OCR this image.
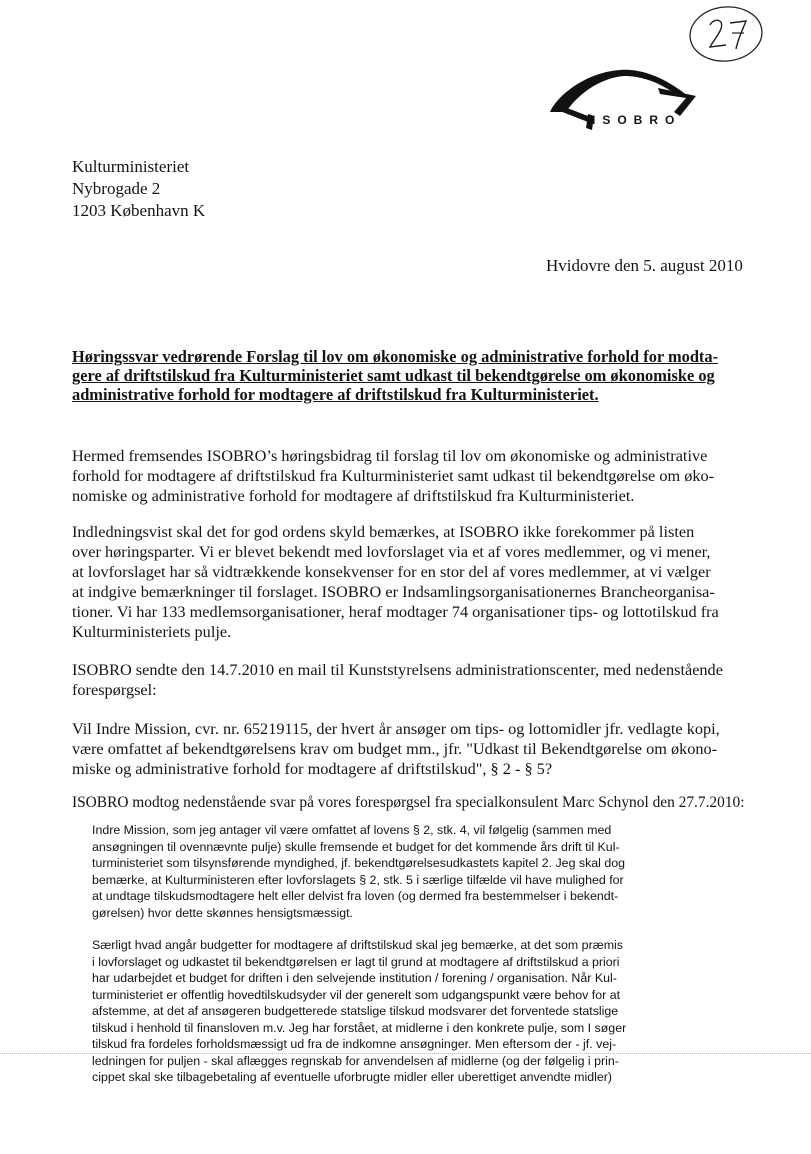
ISOBRO
Kulturministeriet
Nybrogade 2
1203 København K
Hvidovre den 5. august 2010
Høringssvar vedrørende Forslag til lov om økonomiske og administrative forhold for modta-
gere af driftstilskud fra Kulturministeriet samt udkast til bekendtgørelse om økonomiske og
administrative forhold for modtagere af driftstilskud fra Kulturministeriet.
Hermed fremsendes ISOBRO’s høringsbidrag til forslag til lov om økonomiske og administrative
forhold for modtagere af driftstilskud fra Kulturministeriet samt udkast til bekendtgørelse om øko-
nomiske og administrative forhold for modtagere af driftstilskud fra Kulturministeriet.
Indledningsvist skal det for god ordens skyld bemærkes, at ISOBRO ikke forekommer på listen
over høringsparter. Vi er blevet bekendt med lovforslaget via et af vores medlemmer, og vi mener,
at lovforslaget har så vidtrækkende konsekvenser for en stor del af vores medlemmer, at vi vælger
at indgive bemærkninger til forslaget. ISOBRO er Indsamlingsorganisationernes Brancheorganisa-
tioner. Vi har 133 medlemsorganisationer, heraf modtager 74 organisationer tips- og lottotilskud fra
Kulturministeriets pulje.
ISOBRO sendte den 14.7.2010 en mail til Kunststyrelsens administrationscenter, med nedenstående
forespørgsel:
Vil Indre Mission, cvr. nr. 65219115, der hvert år ansøger om tips- og lottomidler jfr. vedlagte kopi,
være omfattet af bekendtgørelsens krav om budget mm., jfr. "Udkast til Bekendtgørelse om økono-
miske og administrative forhold for modtagere af driftstilskud", § 2 - § 5?
ISOBRO modtog nedenstående svar på vores forespørgsel fra specialkonsulent Marc Schynol den 27.7.2010:
Indre Mission, som jeg antager vil være omfattet af lovens § 2, stk. 4, vil følgelig (sammen med
ansøgningen til ovennævnte pulje) skulle fremsende et budget for det kommende års drift til Kul-
turministeriet som tilsynsførende myndighed, jf. bekendtgørelsesudkastets kapitel 2. Jeg skal dog
bemærke, at Kulturministeren efter lovforslagets § 2, stk. 5 i særlige tilfælde vil have mulighed for
at undtage tilskudsmodtagere helt eller delvist fra loven (og dermed fra bestemmelser i bekendt-
gørelsen) hvor dette skønnes hensigtsmæssigt.
Særligt hvad angår budgetter for modtagere af driftstilskud skal jeg bemærke, at det som præmis
i lovforslaget og udkastet til bekendtgørelsen er lagt til grund at modtagere af driftstilskud a priori
har udarbejdet et budget for driften i den selvejende institution / forening / organisation. Når Kul-
turministeriet er offentlig hovedtilskudsyder vil der generelt som udgangspunkt være behov for at
afstemme, at det af ansøgeren budgetterede statslige tilskud modsvarer det forventede statslige
tilskud i henhold til finansloven m.v. Jeg har forstået, at midlerne i den konkrete pulje, som I søger
tilskud fra fordeles forholdsmæssigt ud fra de indkomne ansøgninger. Men eftersom der - jf. vej-
ledningen for puljen - skal aflægges regnskab for anvendelsen af midlerne (og der følgelig i prin-
cippet skal ske tilbagebetaling af eventuelle uforbrugte midler eller uberettiget anvendte midler)
